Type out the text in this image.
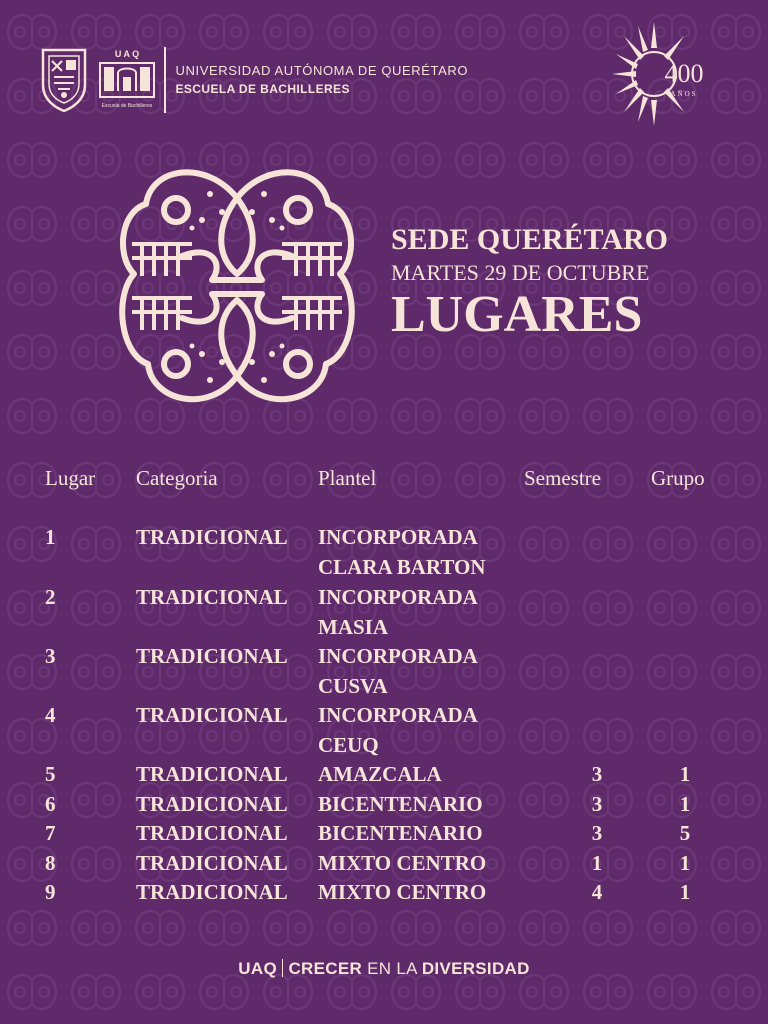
U A Q
Escuela de Bachilleres
UNIVERSIDAD AUTÓNOMA DE QUERÉTARO
ESCUELA DE BACHILLERES
400
AÑOS
SEDE QUERÉTARO
MARTES 29 DE OCTUBRE
LUGARES
Lugar Categoria	Plantel	Semestre Grupo
1	TRADICIONAL INCORPORADA
CLARA BARTON
2	TRADICIONAL INCORPORADA
MASIA
3	TRADICIONAL INCORPORADA
CUSVA
4	TRADICIONAL INCORPORADA
CEUQ
5	TRADICIONAL AMAZCALA	3	1
6	TRADICIONAL BICENTENARIO	3	1
7	TRADICIONAL BICENTENARIO	3	5
8	TRADICIONAL MIXTO CENTRO	1	1
9	TRADICIONAL MIXTO CENTRO	4	1
UAQ CRECER EN LA DIVERSIDAD
